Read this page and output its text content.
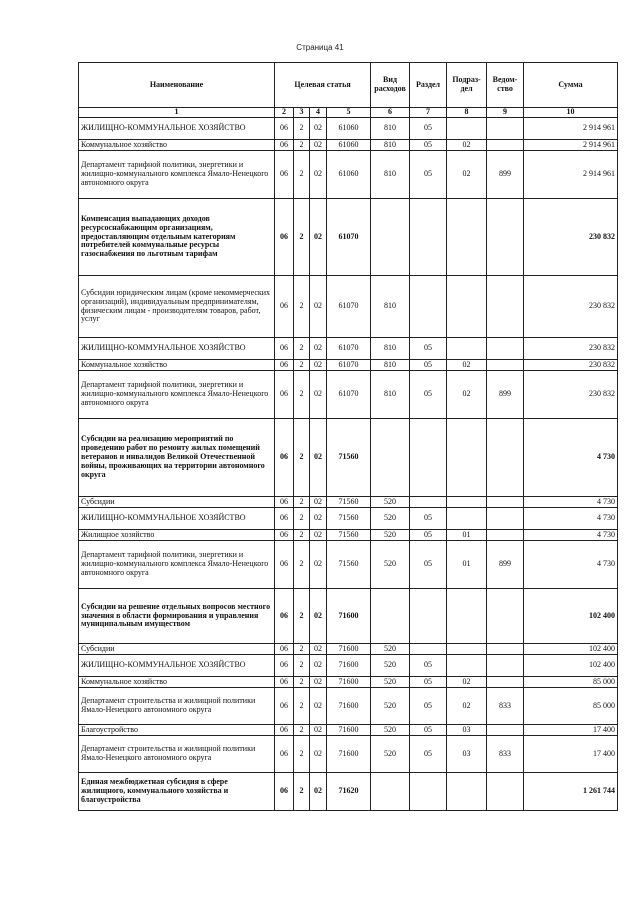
Страница 41
Наименование	Целевая статья				Вид расходов	Раздел	Подраз-дел	Ведом-ство	Сумма
1	2	3	4	5	6	7	8	9	10
ЖИЛИЩНО-КОММУНАЛЬНОЕ ХОЗЯЙСТВО	06	2	02	61060	810	05			2 914 961
Коммунальное хозяйство	06	2	02	61060	810	05	02		2 914 961
Департамент тарифной политики, энергетики и жилищно-коммунального комплекса Ямало-Ненецкого автономного округа	06	2	02	61060	810	05	02	899	2 914 961
Компенсация выпадающих доходов ресурсоснабжающим организациям, предоставляющим отдельным категориям потребителей коммунальные ресурсы газоснабжения по льготным тарифам	06	2	02	61070					230 832
Субсидии юридическим лицам (кроме некоммерческих организаций), индивидуальным предпринимателям, физическим лицам - производителям товаров, работ, услуг	06	2	02	61070	810				230 832
ЖИЛИЩНО-КОММУНАЛЬНОЕ ХОЗЯЙСТВО	06	2	02	61070	810	05			230 832
Коммунальное хозяйство	06	2	02	61070	810	05	02		230 832
Департамент тарифной политики, энергетики и жилищно-коммунального комплекса Ямало-Ненецкого автономного округа	06	2	02	61070	810	05	02	899	230 832
Субсидии на реализацию мероприятий по проведению работ по ремонту жилых помещений ветеранов и инвалидов Великой Отечественной войны, проживающих на территории автономного округа	06	2	02	71560					4 730
Субсидии	06	2	02	71560	520				4 730
ЖИЛИЩНО-КОММУНАЛЬНОЕ ХОЗЯЙСТВО	06	2	02	71560	520	05			4 730
Жилищное хозяйство	06	2	02	71560	520	05	01		4 730
Департамент тарифной политики, энергетики и жилищно-коммунального комплекса Ямало-Ненецкого автономного округа	06	2	02	71560	520	05	01	899	4 730
Субсидии на решение отдельных вопросов местного значения в области формирования и управления муниципальным имуществом	06	2	02	71600					102 400
Субсидии	06	2	02	71600	520				102 400
ЖИЛИЩНО-КОММУНАЛЬНОЕ ХОЗЯЙСТВО	06	2	02	71600	520	05			102 400
Коммунальное хозяйство	06	2	02	71600	520	05	02		85 000
Департамент строительства и жилищной политики Ямало-Ненецкого автономного округа	06	2	02	71600	520	05	02	833	85 000
Благоустройство	06	2	02	71600	520	05	03		17 400
Департамент строительства и жилищной политики Ямало-Ненецкого автономного округа	06	2	02	71600	520	05	03	833	17 400
Единая межбюджетная субсидия в сфере жилищного, коммунального хозяйства и благоустройства	06	2	02	71620					1 261 744
